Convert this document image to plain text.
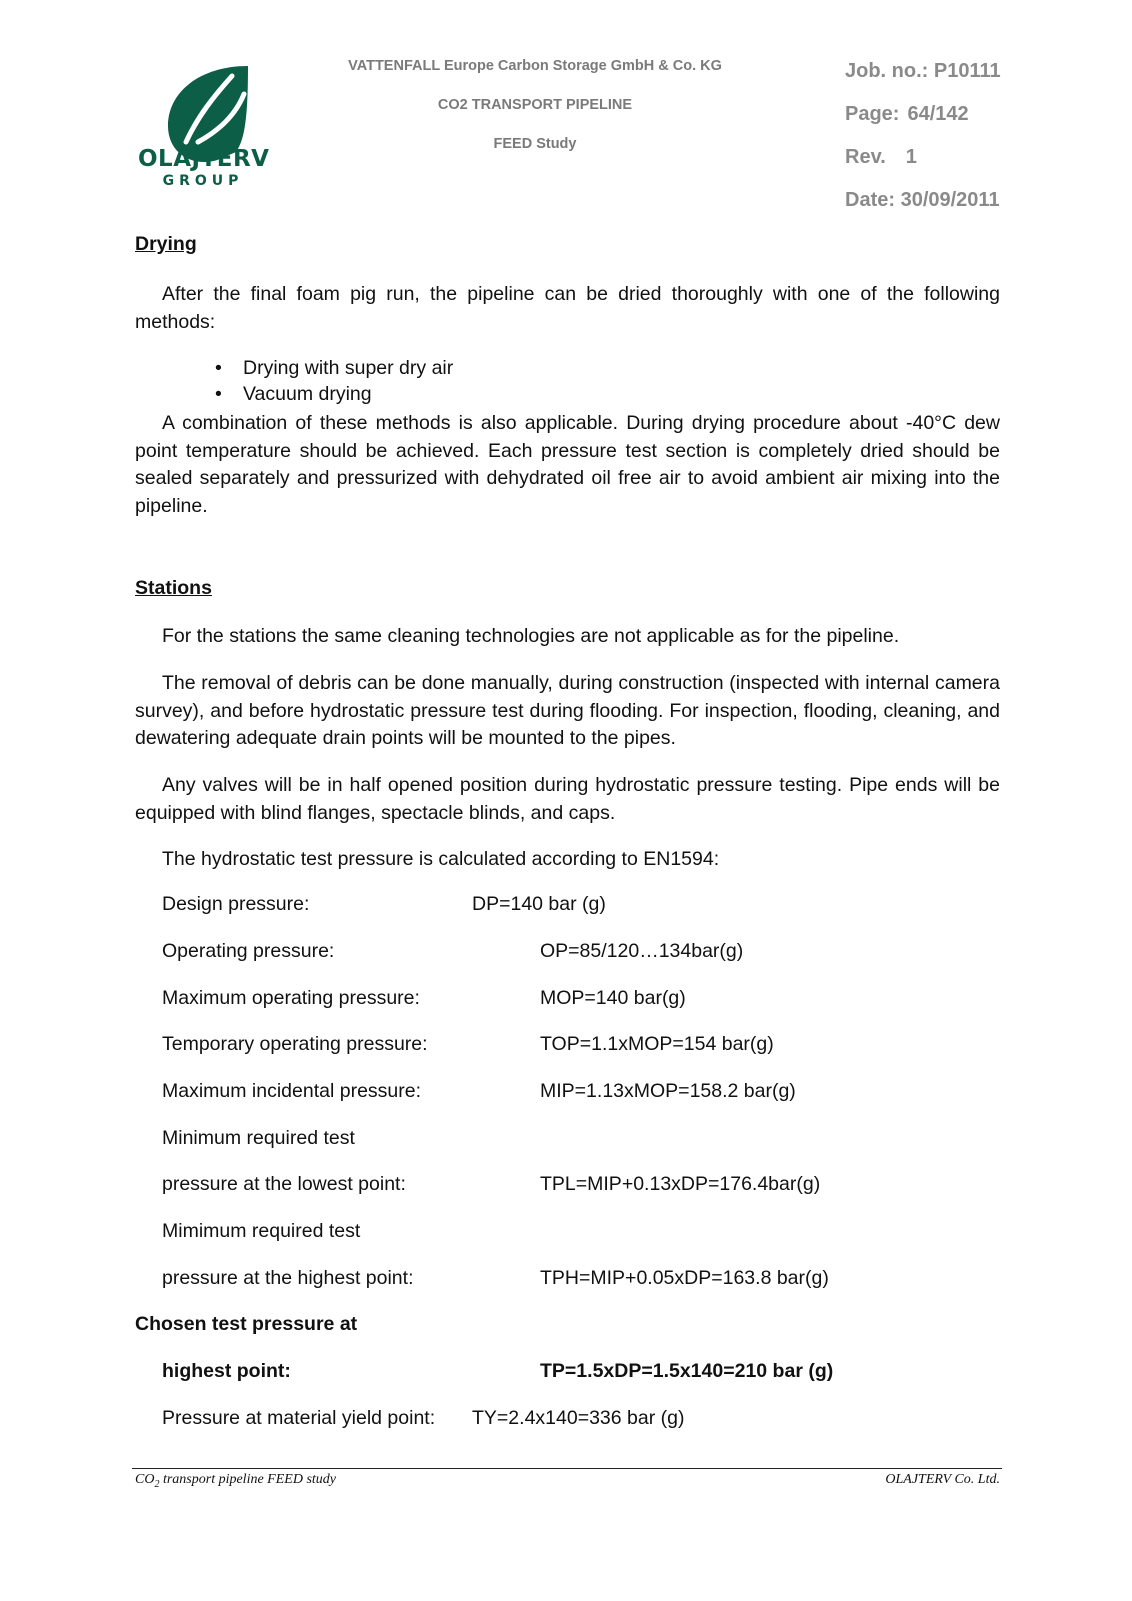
OLAJTERV
GROUP
VATTENFALL Europe Carbon Storage GmbH & Co. KG
CO2 TRANSPORT PIPELINE
FEED Study
Job. no.: P10111
Page: 64/142
Rev. 1
Date: 30/09/2011
Drying
After the final foam pig run, the pipeline can be dried thoroughly with one of the following methods:
• Drying with super dry air
• Vacuum drying
A combination of these methods is also applicable. During drying procedure about -40°C dew point temperature should be achieved. Each pressure test section is completely dried should be sealed separately and pressurized with dehydrated oil free air to avoid ambient air mixing into the pipeline.
Stations
For the stations the same cleaning technologies are not applicable as for the pipeline.
The removal of debris can be done manually, during construction (inspected with internal camera survey), and before hydrostatic pressure test during flooding. For inspection, flooding, cleaning, and dewatering adequate drain points will be mounted to the pipes.
Any valves will be in half opened position during hydrostatic pressure testing. Pipe ends will be equipped with blind flanges, spectacle blinds, and caps.
The hydrostatic test pressure is calculated according to EN1594:
Design pressure:	DP=140 bar (g)
Operating pressure:	OP=85/120…134bar(g)
Maximum operating pressure:	MOP=140 bar(g)
Temporary operating pressure:	TOP=1.1xMOP=154 bar(g)
Maximum incidental pressure:	MIP=1.13xMOP=158.2 bar(g)
Minimum required test
pressure at the lowest point:	TPL=MIP+0.13xDP=176.4bar(g)
Mimimum required test
pressure at the highest point:	TPH=MIP+0.05xDP=163.8 bar(g)
Chosen test pressure at
highest point:	TP=1.5xDP=1.5x140=210 bar (g)
Pressure at material yield point: TY=2.4x140=336 bar (g)
$CO_2$ transport pipeline FEED study	OLAJTERV Co. Ltd.
